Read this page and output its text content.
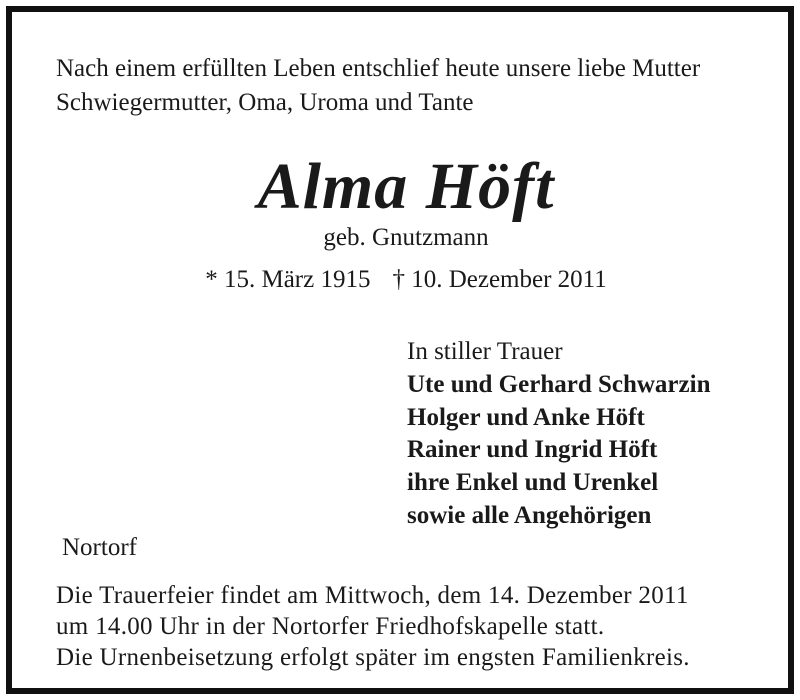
Nach einem erfüllten Leben entschlief heute unsere liebe Mutter
Schwiegermutter, Oma, Uroma und Tante
Alma Höft
geb. Gnutzmann
* 15. März 1915 † 10. Dezember 2011
In stiller Trauer
Ute und Gerhard Schwarzin
Holger und Anke Höft
Rainer und Ingrid Höft
ihre Enkel und Urenkel
sowie alle Angehörigen
Nortorf
Die Trauerfeier findet am Mittwoch, dem 14. Dezember 2011
um 14.00 Uhr in der Nortorfer Friedhofskapelle statt.
Die Urnenbeisetzung erfolgt später im engsten Familienkreis.
